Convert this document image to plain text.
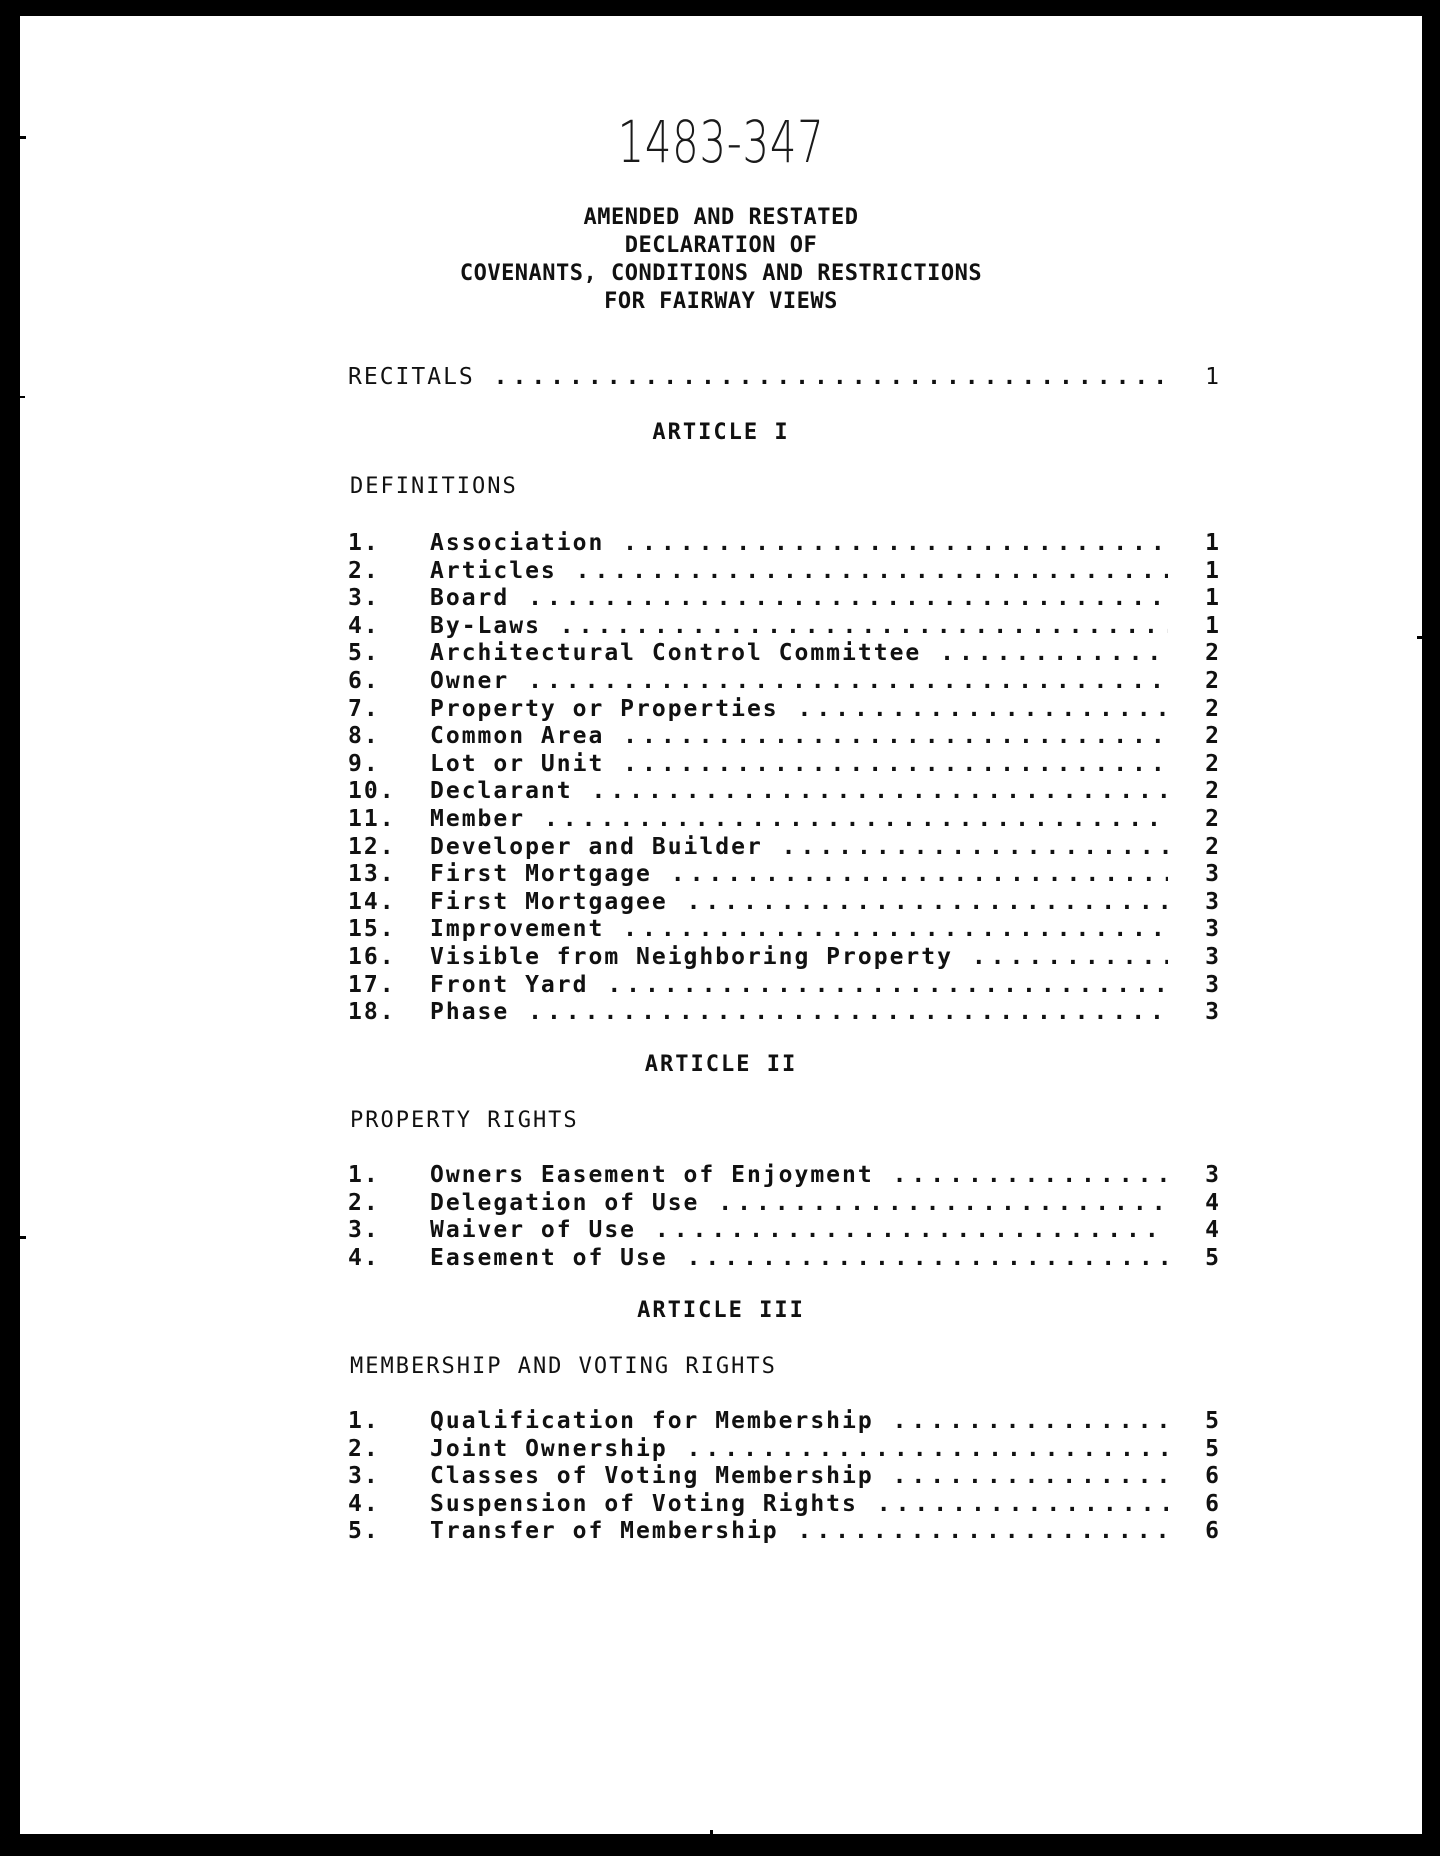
1483-347
AMENDED AND RESTATED
DECLARATION OF
COVENANTS, CONDITIONS AND RESTRICTIONS
FOR FAIRWAY VIEWS
RECITALS .....	1
ARTICLE I
DEFINITIONS
1. Association .....	1
2. Articles .....	1
3. Board .....	1
4. By-Laws .....	1
5. Architectural Control Committee .....	2
6. Owner .....	2
7. Property or Properties .....	2
8. Common Area .....	2
9. Lot or Unit .....	2
10. Declarant .....	2
11. Member .....	2
12. Developer and Builder .....	2
13. First Mortgage .....	3
14. First Mortgagee .....	3
15. Improvement .....	3
16. Visible from Neighboring Property .....	3
17. Front Yard .....	3
18. Phase .....	3
ARTICLE II
PROPERTY RIGHTS
1. Owners Easement of Enjoyment .....	3
2. Delegation of Use .....	4
3. Waiver of Use .....	4
4. Easement of Use .....	5
ARTICLE III
MEMBERSHIP AND VOTING RIGHTS
1. Qualification for Membership .....	5
2. Joint Ownership .....	5
3. Classes of Voting Membership .....	6
4. Suspension of Voting Rights .....	6
5. Transfer of Membership .....	6
